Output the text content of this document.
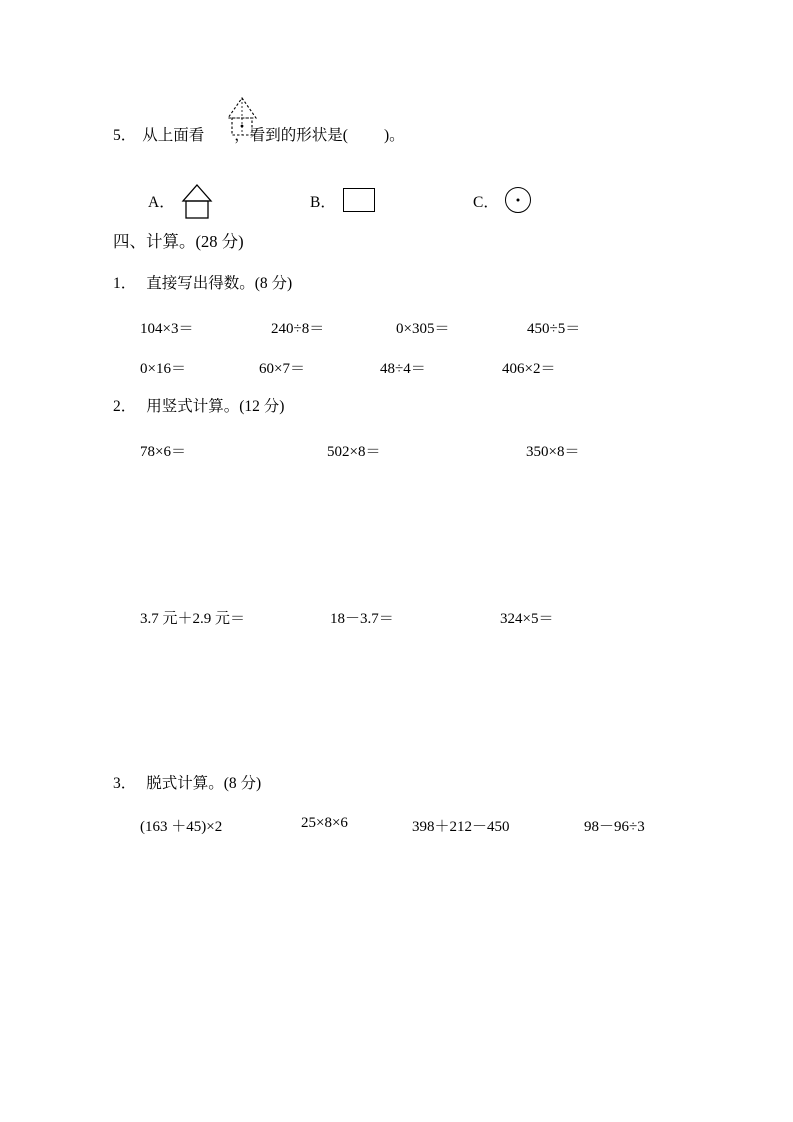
5． 从上面看 ，看到的形状是( )。
A．	B．	C．
四、计算。(28 分)
1． 直接写出得数。(8 分)
104×3＝	240÷8＝	0×305＝	450÷5＝
0×16＝	60×7＝	48÷4＝	406×2＝
2． 用竖式计算。(12 分)
78×6＝	502×8＝	350×8＝
3.7 元＋2.9 元＝	18－3.7＝	324×5＝
3． 脱式计算。(8 分)
(163 ＋45)×2	25×8×6	398＋212－450	98－96÷3
